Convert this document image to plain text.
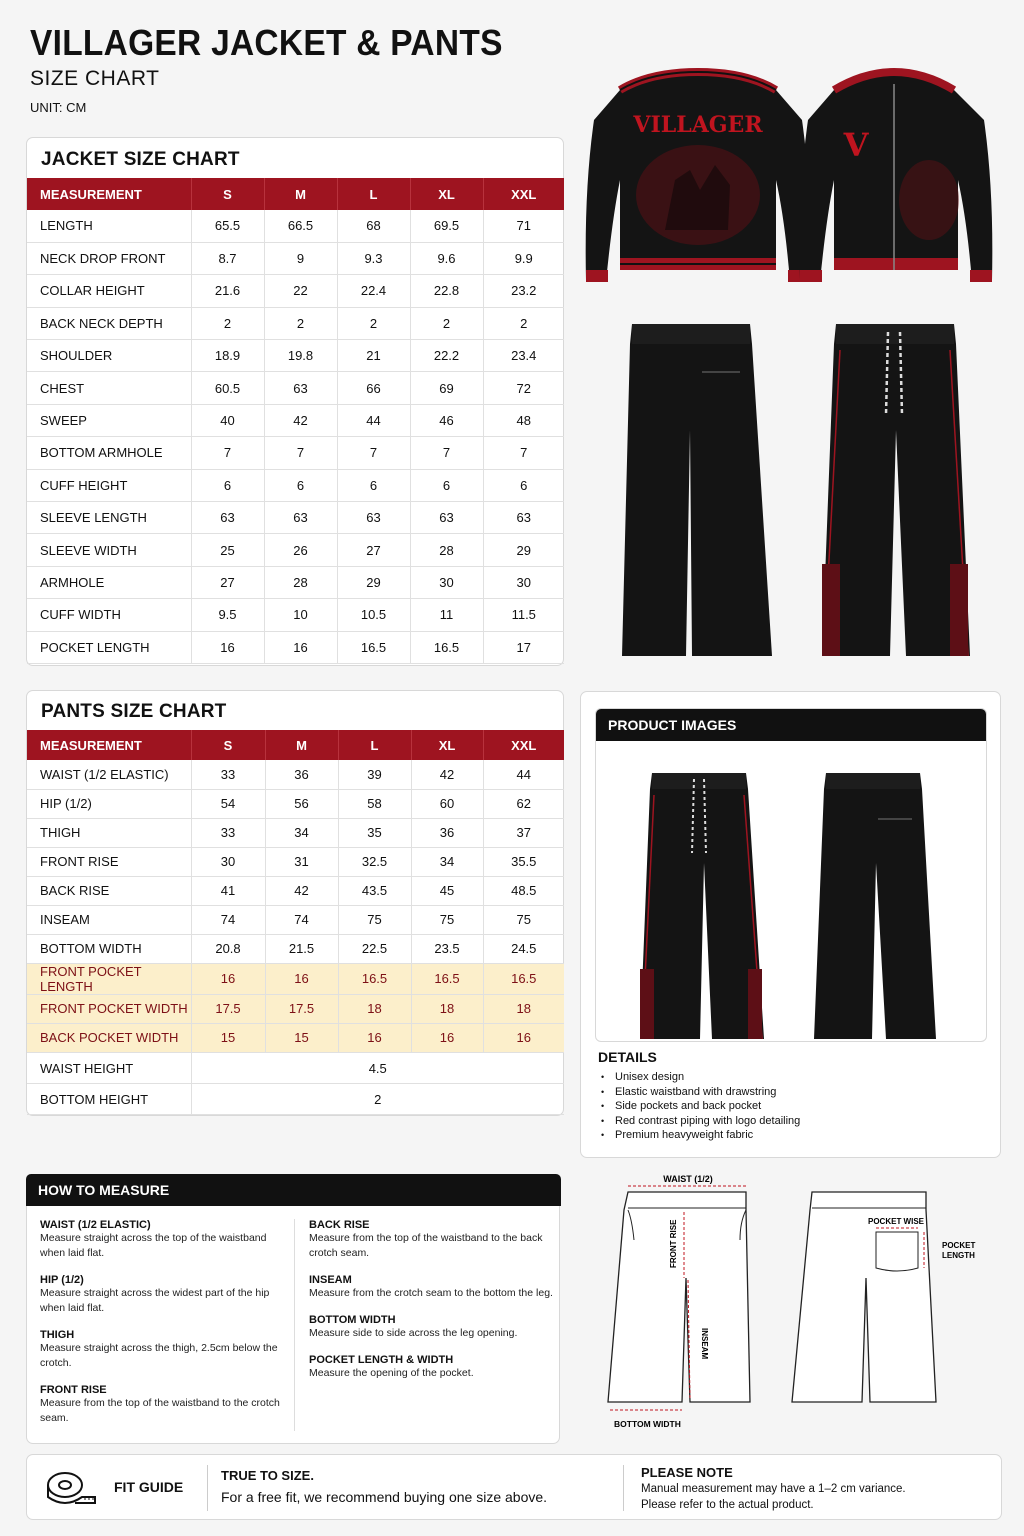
VILLAGER JACKET & PANTS
SIZE CHART
UNIT: CM
JACKET SIZE CHART
MEASUREMENT	S	M	L	XL	XXL
LENGTH	65.5	66.5	68	69.5	71
NECK DROP FRONT	8.7	9	9.3	9.6	9.9
COLLAR HEIGHT	21.6	22	22.4	22.8	23.2
BACK NECK DEPTH	2	2	2	2	2
SHOULDER	18.9	19.8	21	22.2	23.4
CHEST	60.5	63	66	69	72
SWEEP	40	42	44	46	48
BOTTOM ARMHOLE	7	7	7	7	7
CUFF HEIGHT	6	6	6	6	6
SLEEVE LENGTH	63	63	63	63	63
SLEEVE WIDTH	25	26	27	28	29
ARMHOLE	27	28	29	30	30
CUFF WIDTH	9.5	10	10.5	11	11.5
POCKET LENGTH	16	16	16.5	16.5	17
PANTS SIZE CHART
MEASUREMENT	S	M	L	XL	XXL
WAIST (1/2 ELASTIC)	33	36	39	42	44
HIP (1/2)	54	56	58	60	62
THIGH	33	34	35	36	37
FRONT RISE	30	31	32.5	34	35.5
BACK RISE	41	42	43.5	45	48.5
INSEAM	74	74	75	75	75
BOTTOM WIDTH	20.8	21.5	22.5	23.5	24.5
FRONT POCKET LENGTH	16	16	16.5	16.5	16.5
FRONT POCKET WIDTH	17.5	17.5	18	18	18
BACK POCKET WIDTH	15	15	16	16	16
WAIST HEIGHT	4.5				
BOTTOM HEIGHT	2				
VILLAGER
V
PRODUCT IMAGES
DETAILS
• Unisex design
• Elastic waistband with drawstring
• Side pockets and back pocket
• Red contrast piping with logo detailing
• Premium heavyweight fabric
HOW TO MEASURE
WAIST (1/2 ELASTIC)
Measure straight across the top of the waistband when laid flat.
HIP (1/2)
Measure straight across the widest part of the hip when laid flat.
THIGH
Measure straight across the thigh, 2.5cm below the crotch.
FRONT RISE
Measure from the top of the waistband to the crotch seam.
BACK RISE
Measure from the top of the waistband to the back crotch seam.
INSEAM
Measure from the crotch seam to the bottom the leg.
BOTTOM WIDTH
Measure side to side across the leg opening.
POCKET LENGTH & WIDTH
Measure the opening of the pocket.
WAIST (1/2)
FRONT RISE
INSEAM
BOTTOM WIDTH
POCKET WISE
POCKET
LENGTH
FIT GUIDE
TRUE TO SIZE.
For a free fit, we recommend buying one size above.
PLEASE NOTE
Manual measurement may have a 1–2 cm variance.
Please refer to the actual product.
